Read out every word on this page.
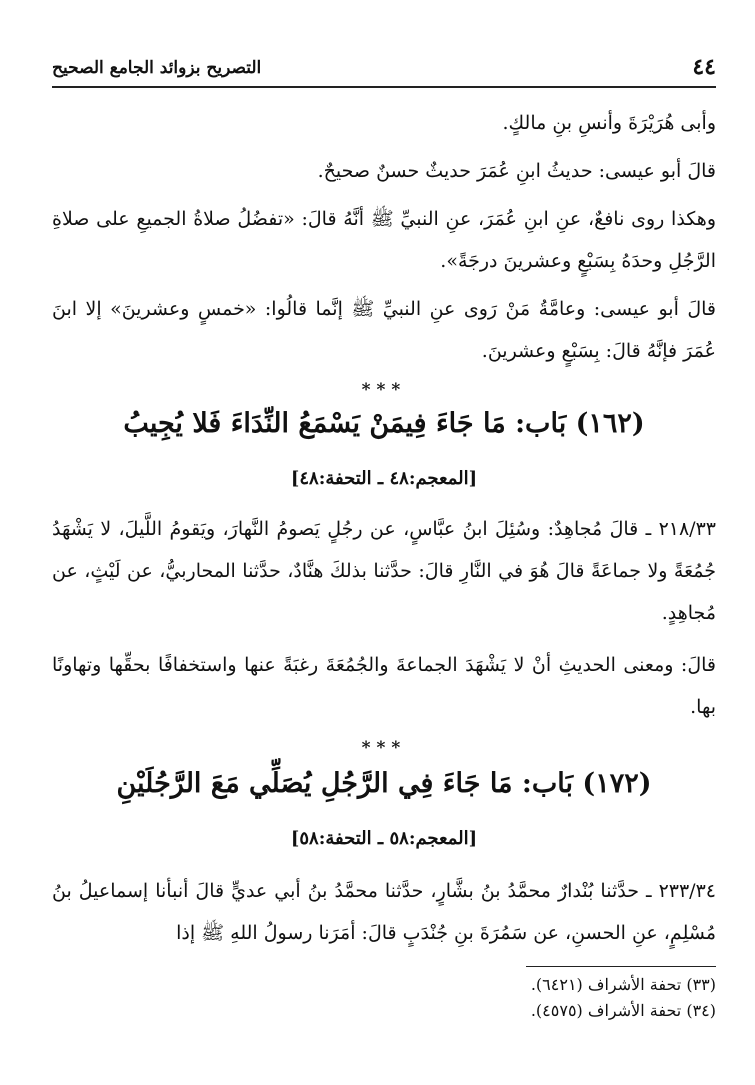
٤٤
التصريح بزوائد الجامع الصحيح

وأبى هُرَيْرَةَ وأنسِ بنِ مالكٍ.

قالَ أبو عيسى: حديثُ ابنِ عُمَرَ حديثٌ حسنٌ صحيحٌ.

وهكذا روى نافعٌ، عنِ ابنِ عُمَرَ، عنِ النبيِّ ﷺ أنَّهُ قالَ: «تفضُلُ صلاةُ الجميعِ على صلاةِ الرَّجُلِ وحدَهُ بِسَبْعٍ وعشرينَ درجَةً».

قالَ أبو عيسى: وعامَّةُ مَنْ رَوى عنِ النبيِّ ﷺ إنَّما قالُوا: «خمسٍ وعشرينَ» إلا ابنَ عُمَرَ فإنَّهُ قالَ: بِسَبْعٍ وعشرينَ.

***
(١٦٢) بَاب: مَا جَاءَ فِيمَنْ يَسْمَعُ النِّدَاءَ فَلا يُجِيبُ
[المعجم:٤٨ ـ التحفة:٤٨]

٢١٨/٣٣ ـ قالَ مُجاهِدٌ: وسُئِلَ ابنُ عبَّاسٍ، عن رجُلٍ يَصومُ النَّهارَ، ويَقومُ اللَّيلَ، لا يَشْهَدُ جُمُعَةً ولا جماعَةً قالَ هُوَ في النَّارِ قالَ: حدَّثنا بذلكَ هنَّادٌ، حدَّثنا المحاربيُّ، عن لَيْثٍ، عن مُجاهِدٍ.

قالَ: ومعنى الحديثِ أنْ لا يَشْهَدَ الجماعةَ والجُمُعَةَ رغبَةً عنها واستخفافًا بحقِّها وتهاونًا بها.

***
(١٧٢) بَاب: مَا جَاءَ فِي الرَّجُلِ يُصَلِّي مَعَ الرَّجُلَيْنِ
[المعجم:٥٨ ـ التحفة:٥٨]

٢٣٣/٣٤ ـ حدَّثنا بُنْدارٌ محمَّدُ بنُ بشَّارٍ، حدَّثنا محمَّدُ بنُ أبي عديٍّ قالَ أنبأنا إسماعيلُ بنُ مُسْلِمٍ، عنِ الحسنِ، عن سَمُرَةَ بنِ جُنْدَبٍ قالَ: أمَرَنا رسولُ اللهِ ﷺ إذا

(٣٣) تحفة الأشراف (٦٤٢١).
(٣٤) تحفة الأشراف (٤٥٧٥).
